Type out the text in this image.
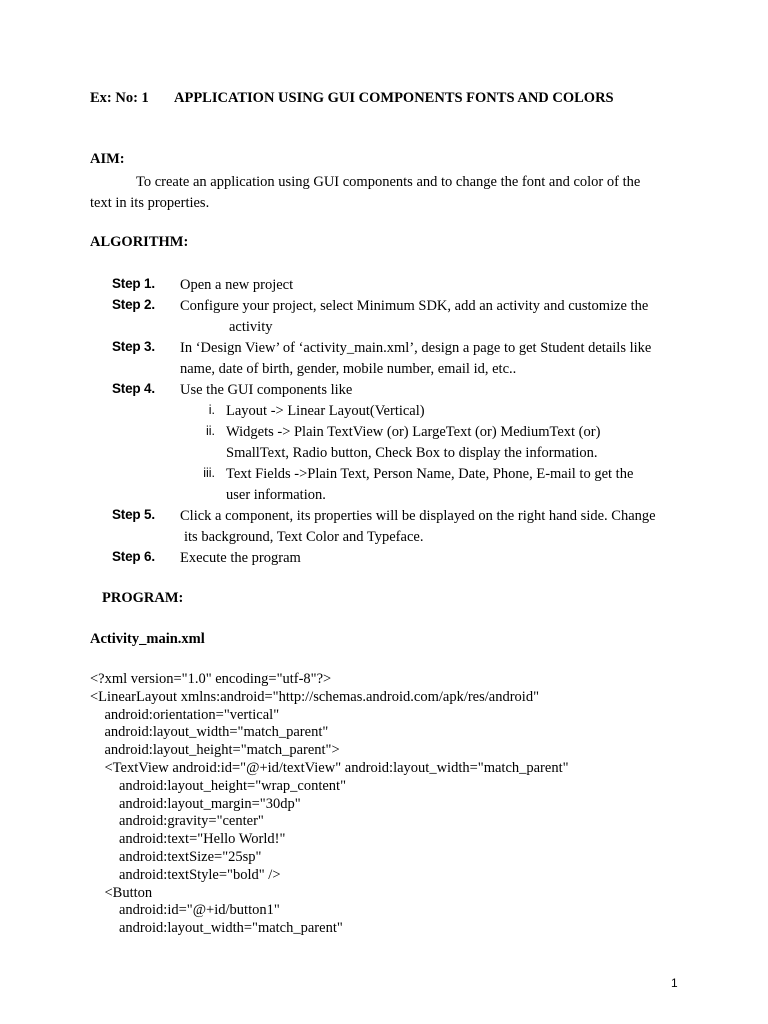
Ex: No: 1 APPLICATION USING GUI COMPONENTS FONTS AND COLORS
AIM:
To create an application using GUI components and to change the font and color of the
text in its properties.
ALGORITHM:
Step 1. Open a new project
Step 2. Configure your project, select Minimum SDK, add an activity and customize the
activity
Step 3. In ‘Design View’ of ‘activity_main.xml’, design a page to get Student details like
name, date of birth, gender, mobile number, email id, etc..
Step 4. Use the GUI components like
i. Layout -> Linear Layout(Vertical)
ii. Widgets -> Plain TextView (or) LargeText (or) MediumText (or)
SmallText, Radio button, Check Box to display the information.
iii. Text Fields ->Plain Text, Person Name, Date, Phone, E-mail to get the
user information.
Step 5. Click a component, its properties will be displayed on the right hand side. Change
its background, Text Color and Typeface.
Step 6. Execute the program
PROGRAM:
Activity_main.xml
<?xml version="1.0" encoding="utf-8"?>
<LinearLayout xmlns:android="http://schemas.android.com/apk/res/android"
android:orientation="vertical"
android:layout_width="match_parent"
android:layout_height="match_parent">
<TextView android:id="@+id/textView" android:layout_width="match_parent"
android:layout_height="wrap_content"
android:layout_margin="30dp"
android:gravity="center"
android:text="Hello World!"
android:textSize="25sp"
android:textStyle="bold" />
<Button
android:id="@+id/button1"
android:layout_width="match_parent"
1
